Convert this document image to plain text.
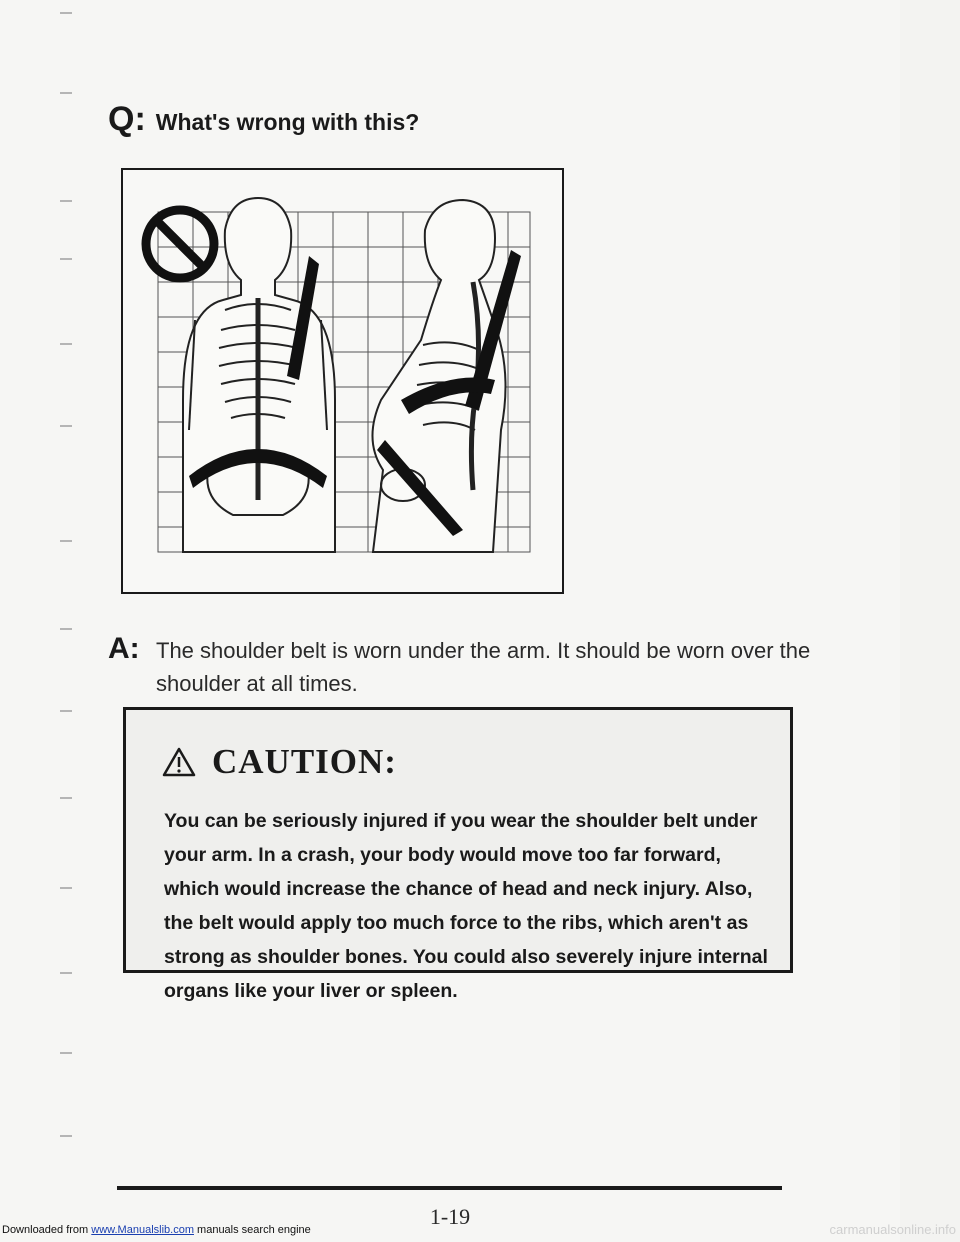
Q: What's wrong with this?
A: The shoulder belt is worn under the arm. It should be worn over the shoulder at all times.
CAUTION:
You can be seriously injured if you wear the shoulder belt under your arm. In a crash, your body would move too far forward, which would increase the chance of head and neck injury. Also, the belt would apply too much force to the ribs, which aren't as strong as shoulder bones. You could also severely injure internal organs like your liver or spleen.
1-19
Downloaded from www.Manualslib.com manuals search engine	carmanualsonline.info
